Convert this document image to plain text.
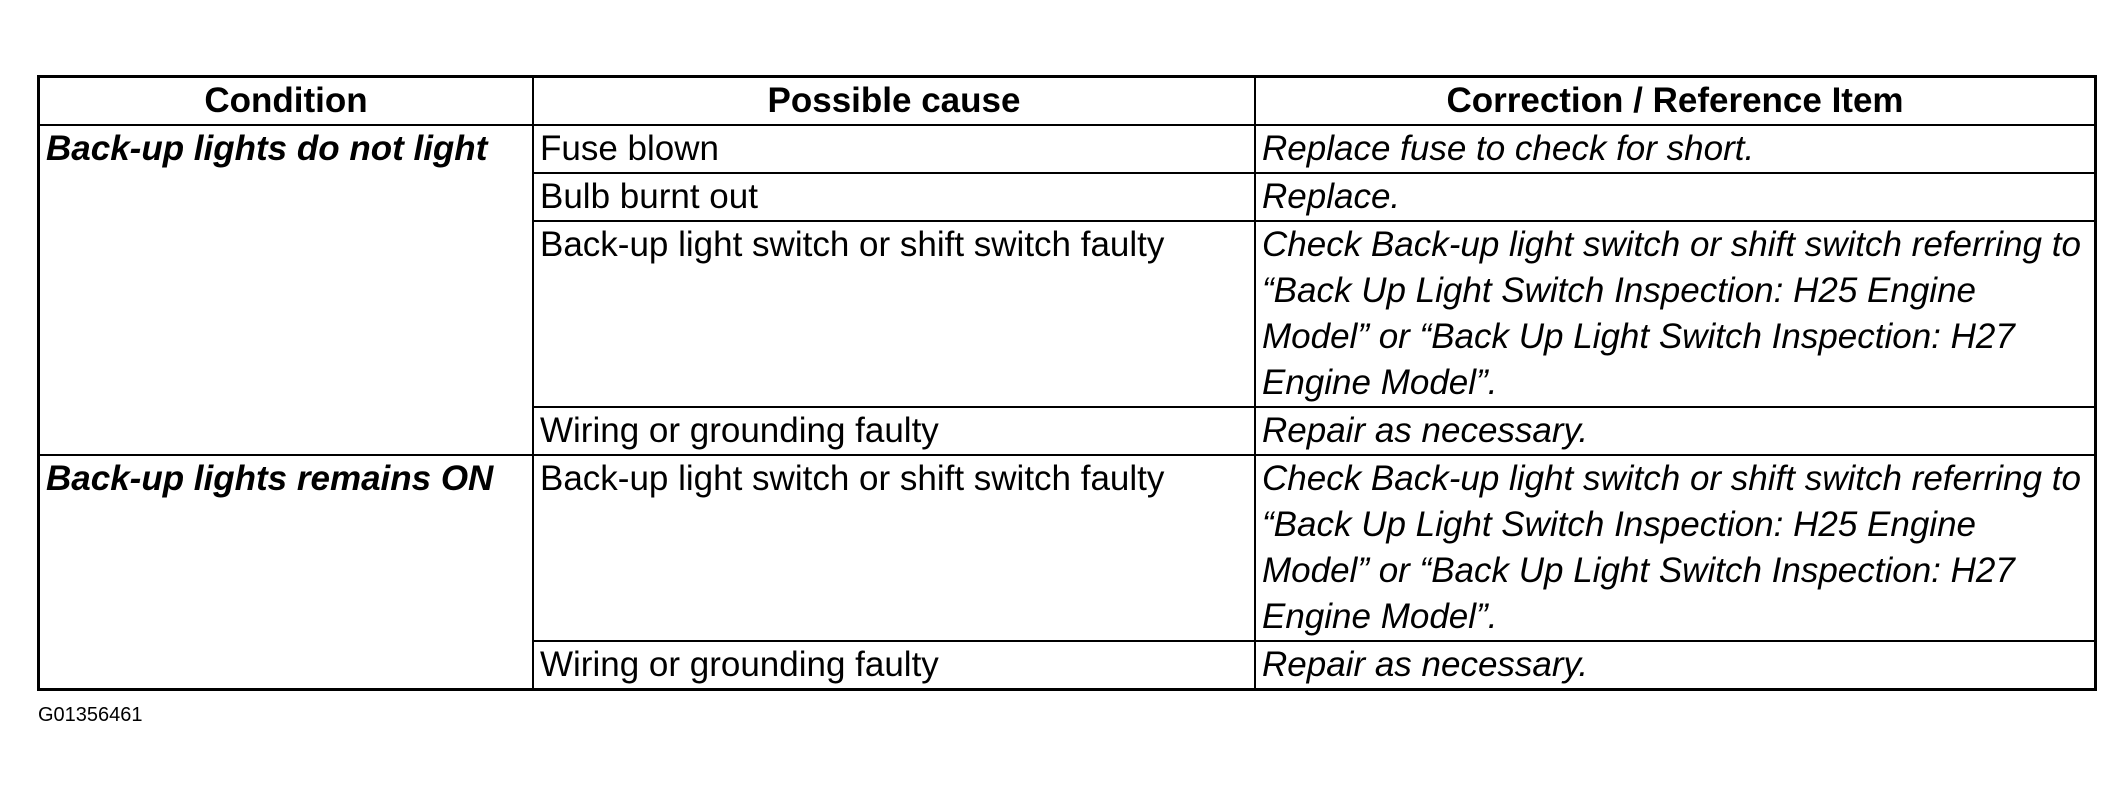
Condition	Possible cause	Correction / Reference Item
Back-up lights do not light	Fuse blown	Replace fuse to check for short.
	Bulb burnt out	Replace.
	Back-up light switch or shift switch faulty	Check Back-up light switch or shift switch referring to “Back Up Light Switch Inspection: H25 Engine Model” or “Back Up Light Switch Inspection: H27 Engine Model”.
	Wiring or grounding faulty	Repair as necessary.
Back-up lights remains ON	Back-up light switch or shift switch faulty	Check Back-up light switch or shift switch referring to “Back Up Light Switch Inspection: H25 Engine Model” or “Back Up Light Switch Inspection: H27 Engine Model”.
	Wiring or grounding faulty	Repair as necessary.
G01356461
